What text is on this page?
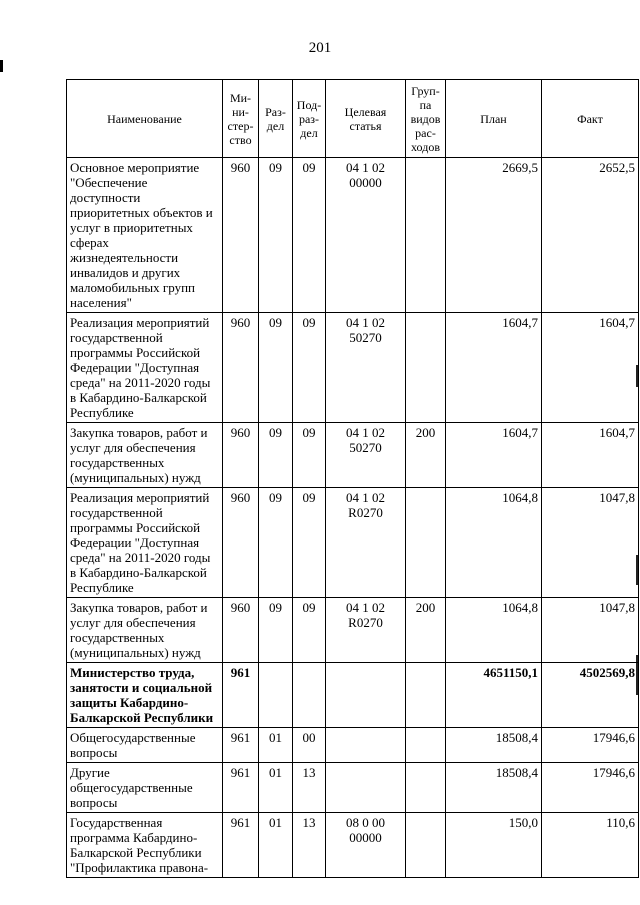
201
Наименование	Ми-
ни-
стер-
ство	Раз-
дел	Под-
раз-
дел	Целевая
статья	Груп-
па
видов
рас-
ходов	План	Факт
Основное мероприятие "Обеспечение доступности приоритетных объектов и услуг в приоритетных сферах жизнедеятельности инвалидов и других маломобильных групп населения"	960	09	09	04 1 02 00000		2669,5	2652,5
Реализация мероприятий государственной программы Российской Федерации "Доступная среда" на 2011-2020 годы в Кабардино-Балкарской Республике	960	09	09	04 1 02 50270		1604,7	1604,7
Закупка товаров, работ и услуг для обеспечения государственных (муниципальных) нужд	960	09	09	04 1 02 50270	200	1604,7	1604,7
Реализация мероприятий государственной программы Российской Федерации "Доступная среда" на 2011-2020 годы в Кабардино-Балкарской Республике	960	09	09	04 1 02 R0270		1064,8	1047,8
Закупка товаров, работ и услуг для обеспечения государственных (муниципальных) нужд	960	09	09	04 1 02 R0270	200	1064,8	1047,8
Министерство труда, занятости и социальной защиты Кабардино-Балкарской Республики	961					4651150,1	4502569,8
Общегосударственные вопросы	961	01	00			18508,4	17946,6
Другие общегосударственные вопросы	961	01	13			18508,4	17946,6
Государственная программа Кабардино-Балкарской Республики "Профилактика правона-	961	01	13	08 0 00 00000		150,0	110,6
